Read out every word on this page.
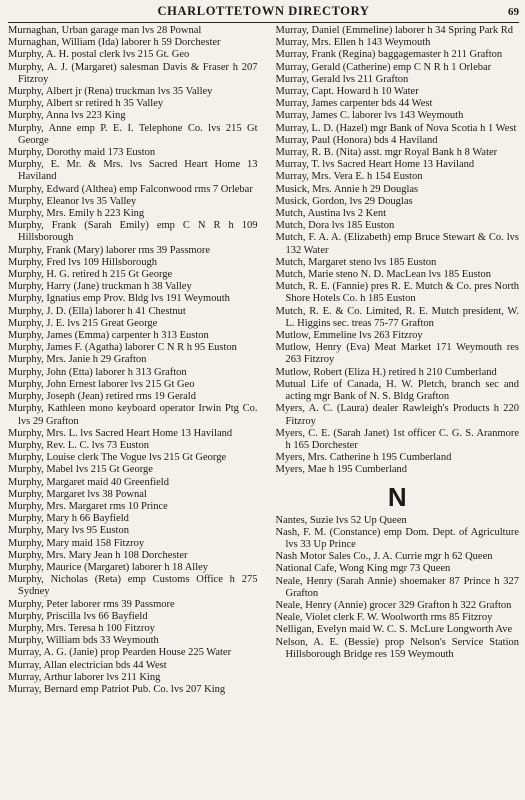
CHARLOTTETOWN DIRECTORY	69
Murnaghan, Urban garage man lvs 28 Pownal
Murnaghan, William (Ida) laborer h 59 Dorchester
Murphy, A. H. postal clerk lvs 215 Gt. Geo
Murphy, A. J. (Margaret) salesman Davis & Fraser h 207 Fitzroy
Murphy, Albert jr (Rena) truckman lvs 35 Valley
Murphy, Albert sr retired h 35 Valley
Murphy, Anna lvs 223 King
Murphy, Anne emp P. E. I. Telephone Co. lvs 215 Gt George
Murphy, Dorothy maid 173 Euston
Murphy, E. Mr. & Mrs. lvs Sacred Heart Home 13 Haviland
Murphy, Edward (Althea) emp Falconwood rms 7 Orlebar
Murphy, Eleanor lvs 35 Valley
Murphy, Mrs. Emily h 223 King
Murphy, Frank (Sarah Emily) emp C N R h 109 Hillsborough
Murphy, Frank (Mary) laborer rms 39 Passmore
Murphy, Fred lvs 109 Hillsborough
Murphy, H. G. retired h 215 Gt George
Murphy, Harry (Jane) truckman h 38 Valley
Murphy, Ignatius emp Prov. Bldg lvs 191 Weymouth
Murphy, J. D. (Ella) laborer h 41 Chestnut
Murphy, J. E. lvs 215 Great George
Murphy, James (Emma) carpenter h 313 Euston
Murphy, James F. (Agatha) laborer C N R h 95 Euston
Murphy, Mrs. Janie h 29 Grafton
Murphy, John (Etta) laborer h 313 Grafton
Murphy, John Ernest laborer lvs 215 Gt Geo
Murphy, Joseph (Jean) retired rms 19 Gerald
Murphy, Kathleen mono keyboard operator Irwin Ptg Co. lvs 29 Grafton
Murphy, Mrs. L. lvs Sacred Heart Home 13 Haviland
Murphy, Rev. L. C. lvs 73 Euston
Murphy, Louise clerk The Vogue lvs 215 Gt George
Murphy, Mabel lvs 215 Gt George
Murphy, Margaret maid 40 Greenfield
Murphy, Margaret lvs 38 Pownal
Murphy, Mrs. Margaret rms 10 Prince
Murphy, Mary h 66 Bayfield
Murphy, Mary lvs 95 Euston
Murphy, Mary maid 158 Fitzroy
Murphy, Mrs. Mary Jean h 108 Dorchester
Murphy, Maurice (Margaret) laborer h 18 Alley
Murphy, Nicholas (Reta) emp Customs Office h 275 Sydney
Murphy, Peter laborer rms 39 Passmore
Murphy, Priscilla lvs 66 Bayfield
Murphy, Mrs. Teresa h 100 Fitzroy
Murphy, William bds 33 Weymouth
Murray, A. G. (Janie) prop Pearden House 225 Water
Murray, Allan electrician bds 44 West
Murray, Arthur laborer lvs 211 King
Murray, Bernard emp Patriot Pub. Co. lvs 207 King
Murray, Daniel (Emmeline) laborer h 34 Spring Park Rd
Murray, Mrs. Ellen h 143 Weymouth
Murray, Frank (Regina) baggagemaster h 211 Grafton
Murray, Gerald (Catherine) emp C N R h 1 Orlebar
Murray, Gerald lvs 211 Grafton
Murray, Capt. Howard h 10 Water
Murray, James carpenter bds 44 West
Murray, James C. laborer lvs 143 Weymouth
Murray, L. D. (Hazel) mgr Bank of Nova Scotia h 1 West
Murray, Paul (Honora) bds 4 Haviland
Murray, R. B. (Nita) asst. mgr Royal Bank h 8 Water
Murray, T. lvs Sacred Heart Home 13 Haviland
Murray, Mrs. Vera E. h 154 Euston
Musick, Mrs. Annie h 29 Douglas
Musick, Gordon, lvs 29 Douglas
Mutch, Austina lvs 2 Kent
Mutch, Dora lvs 185 Euston
Mutch, F. A. A. (Elizabeth) emp Bruce Stewart & Co. lvs 132 Water
Mutch, Margaret steno lvs 185 Euston
Mutch, Marie steno N. D. MacLean lvs 185 Euston
Mutch, R. E. (Fannie) pres R. E. Mutch & Co. pres North Shore Hotels Co. h 185 Euston
Mutch, R. E. & Co. Limited, R. E. Mutch president, W. L. Higgins sec. treas 75-77 Grafton
Mutlow, Emmeline lvs 263 Fitzroy
Mutlow, Henry (Eva) Meat Market 171 Weymouth res 263 Fitzroy
Mutlow, Robert (Eliza H.) retired h 210 Cumberland
Mutual Life of Canada, H. W. Pletch, branch sec and acting mgr Bank of N. S. Bldg Grafton
Myers, A. C. (Laura) dealer Rawleigh's Products h 220 Fitzroy
Myers, C. E. (Sarah Janet) 1st officer C. G. S. Aranmore h 165 Dorchester
Myers, Mrs. Catherine h 195 Cumberland
Myers, Mae h 195 Cumberland
N
Nantes, Suzie lvs 52 Up Queen
Nash, F. M. (Constance) emp Dom. Dept. of Agriculture lvs 33 Up Prince
Nash Motor Sales Co., J. A. Currie mgr h 62 Queen
National Cafe, Wong King mgr 73 Queen
Neale, Henry (Sarah Annie) shoemaker 87 Prince h 327 Grafton
Neale, Henry (Annie) grocer 329 Grafton h 322 Grafton
Neale, Violet clerk F. W. Woolworth rms 85 Fitzroy
Nelligan, Evelyn maid W. C. S. McLure Longworth Ave
Nelson, A. E. (Bessie) prop Nelson's Service Station Hillsborough Bridge res 159 Weymouth
